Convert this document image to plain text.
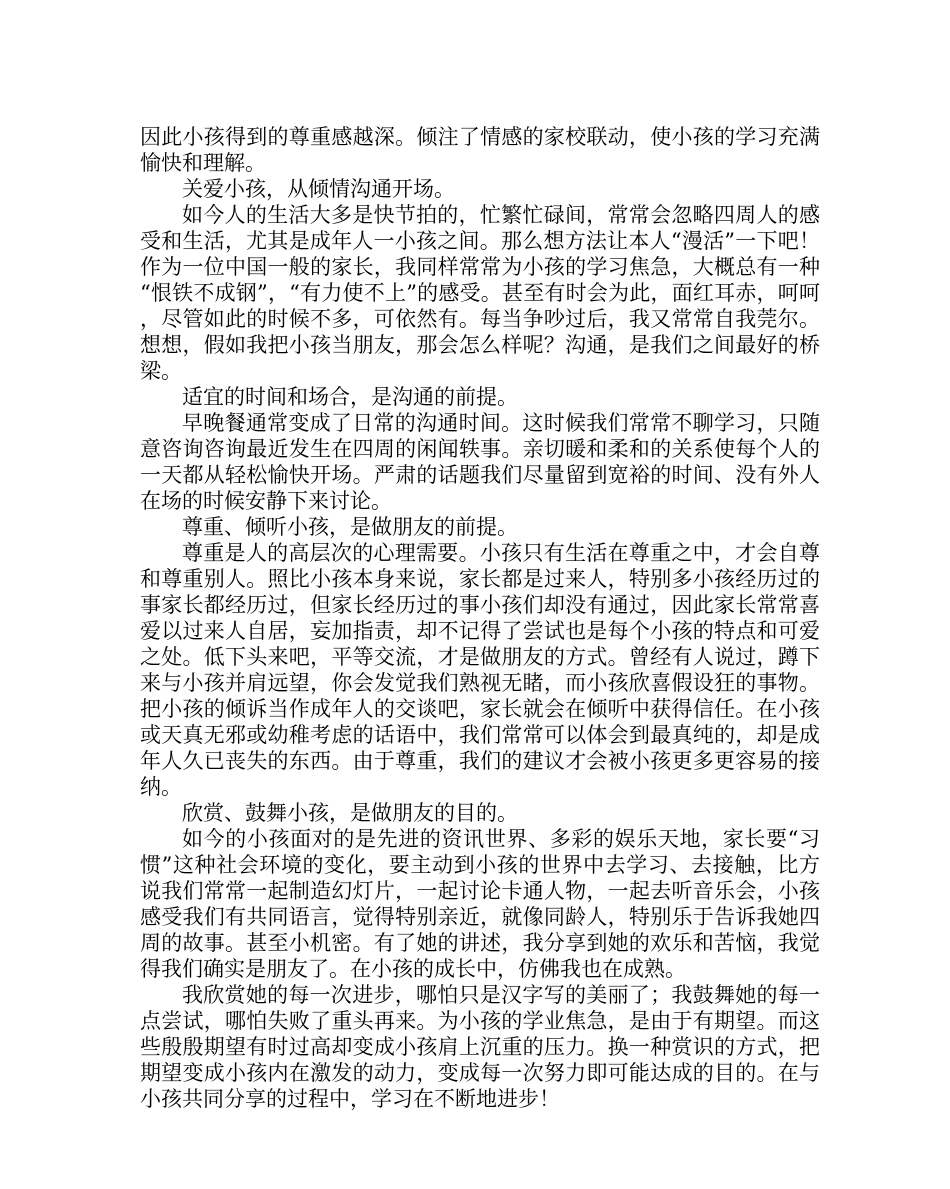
因此小孩得到的尊重感越深。倾注了情感的家校联动，使小孩的学习充满愉快和理解。

关爱小孩，从倾情沟通开场。

如今人的生活大多是快节拍的，忙繁忙碌间，常常会忽略四周人的感受和生活，尤其是成年人一小孩之间。那么想方法让本人“漫活”一下吧！　作为一位中国一般的家长，我同样常常为小孩的学习焦急，大概总有一种“恨铁不成钢”，“有力使不上”的感受。甚至有时会为此，面红耳赤，呵呵，尽管如此的时候不多，可依然有。每当争吵过后，我又常常自我莞尔。想想，假如我把小孩当朋友，那会怎么样呢？沟通，是我们之间最好的桥梁。

适宜的时间和场合，是沟通的前提。

早晚餐通常变成了日常的沟通时间。这时候我们常常不聊学习，只随意咨询咨询最近发生在四周的闲闻轶事。亲切暖和柔和的关系使每个人的一天都从轻松愉快开场。严肃的话题我们尽量留到宽裕的时间、没有外人在场的时候安静下来讨论。

尊重、倾听小孩，是做朋友的前提。

尊重是人的高层次的心理需要。小孩只有生活在尊重之中，才会自尊和尊重别人。照比小孩本身来说，家长都是过来人，特别多小孩经历过的事家长都经历过，但家长经历过的事小孩们却没有通过，因此家长常常喜爱以过来人自居，妄加指责，却不记得了尝试也是每个小孩的特点和可爱之处。低下头来吧，平等交流，才是做朋友的方式。曾经有人说过，蹲下来与小孩并肩远望，你会发觉我们熟视无睹，而小孩欣喜假设狂的事物。把小孩的倾诉当作成年人的交谈吧，家长就会在倾听中获得信任。在小孩或天真无邪或幼稚考虑的话语中，我们常常可以体会到最真纯的，却是成年人久已丧失的东西。由于尊重，我们的建议才会被小孩更多更容易的接纳。

欣赏、鼓舞小孩，是做朋友的目的。

如今的小孩面对的是先进的资讯世界、多彩的娱乐天地，家长要“习惯”这种社会环境的变化，要主动到小孩的世界中去学习、去接触，比方说我们常常一起制造幻灯片，一起讨论卡通人物，一起去听音乐会，小孩感受我们有共同语言，觉得特别亲近，就像同龄人，特别乐于告诉我她四周的故事。甚至小机密。有了她的讲述，我分享到她的欢乐和苦恼，我觉得我们确实是朋友了。在小孩的成长中，仿佛我也在成熟。

我欣赏她的每一次进步，哪怕只是汉字写的美丽了；我鼓舞她的每一点尝试，哪怕失败了重头再来。为小孩的学业焦急，是由于有期望。而这些殷殷期望有时过高却变成小孩肩上沉重的压力。换一种赏识的方式，把期望变成小孩内在激发的动力，变成每一次努力即可能达成的目的。在与小孩共同分享的过程中，学习在不断地进步！
